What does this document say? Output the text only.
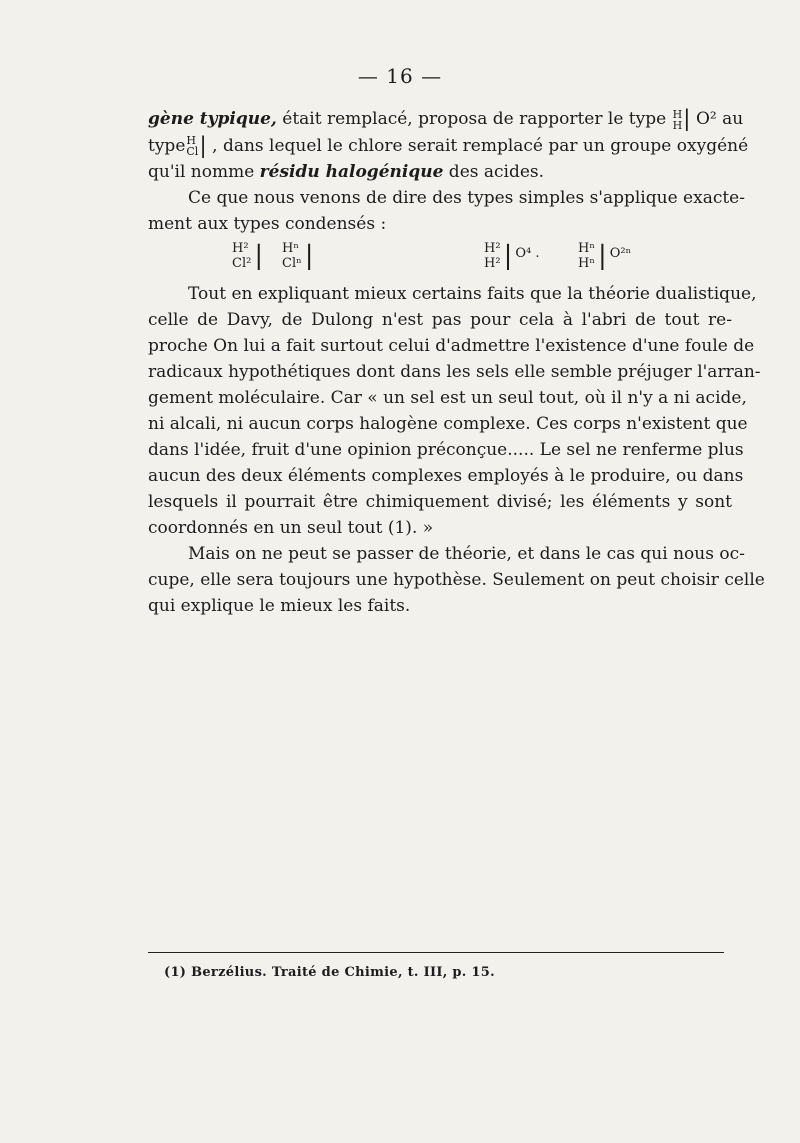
— 16 —
gène typique, était remplacé, proposa de rapporter le type H
H | O² au
type H
Cl | , dans lequel le chlore serait remplacé par un groupe oxygéné
qu'il nomme résidu halogénique des acides.
Ce que nous venons de dire des types simples s'applique exacte-
ment aux types condensés :
H²
Cl² | Hⁿ
Clⁿ |	H²
H² | O⁴ .	Hⁿ
Hⁿ | O²ⁿ
Tout en expliquant mieux certains faits que la théorie dualistique,
celle de Davy, de Dulong n'est pas pour cela à l'abri de tout re-
proche On lui a fait surtout celui d'admettre l'existence d'une foule de
radicaux hypothétiques dont dans les sels elle semble préjuger l'arran-
gement moléculaire. Car « un sel est un seul tout, où il n'y a ni acide,
ni alcali, ni aucun corps halogène complexe. Ces corps n'existent que
dans l'idée, fruit d'une opinion préconçue..... Le sel ne renferme plus
aucun des deux éléments complexes employés à le produire, ou dans
lesquels il pourrait être chimiquement divisé; les éléments y sont
coordonnés en un seul tout (1). »
Mais on ne peut se passer de théorie, et dans le cas qui nous oc-
cupe, elle sera toujours une hypothèse. Seulement on peut choisir celle
qui explique le mieux les faits.
(1) Berzélius. Traité de Chimie, t. III, p. 15.
